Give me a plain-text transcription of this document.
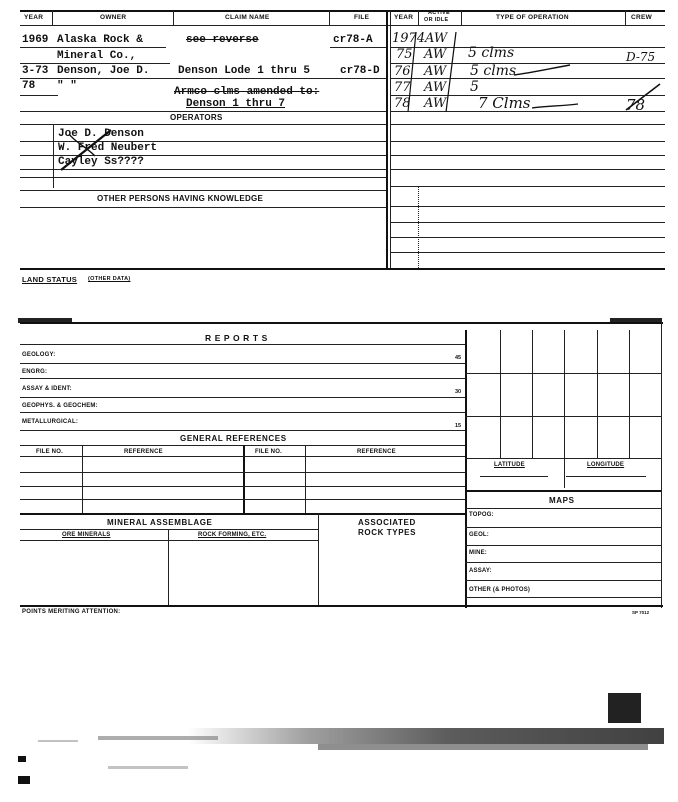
YEAR	OWNER	CLAIM NAME	FILE	YEAR
ACTIVE
OR IDLE	TYPE OF OPERATION	CREW
1969 Alaska Rock &	see reverse	cr78-A
Mineral Co.,
3-73 Denson, Joe D.	Denson Lode 1 thru 5	cr78-D
78 " "	Armco clms amended to:
Denson 1 thru 7
OPERATORS
Joe D. Denson
W. Fred Neubert
Cayley Ss????
OTHER PERSONS HAVING KNOWLEDGE
1974 AW
75 AW 5 clms	D-75
76 AW 5 clms
77 AW 5
78 AW 7 Clms	78
LAND STATUS (OTHER DATA)
R E P O R T S
GEOLOGY:	45
ENGRG:
ASSAY & IDENT:	30
GEOPHYS. & GEOCHEM:
METALLURGICAL:
15
GENERAL REFERENCES
FILE NO.	REFERENCE	FILE NO.	REFERENCE
LATITUDE	LONGITUDE
MAPS
TOPOG:
GEOL:
MINE:
ASSAY:
OTHER (& PHOTOS)
MINERAL ASSEMBLAGE
ORE MINERALS	ROCK FORMING, ETC.
ASSOCIATED
ROCK TYPES
POINTS MERITING ATTENTION:	SP 7012
